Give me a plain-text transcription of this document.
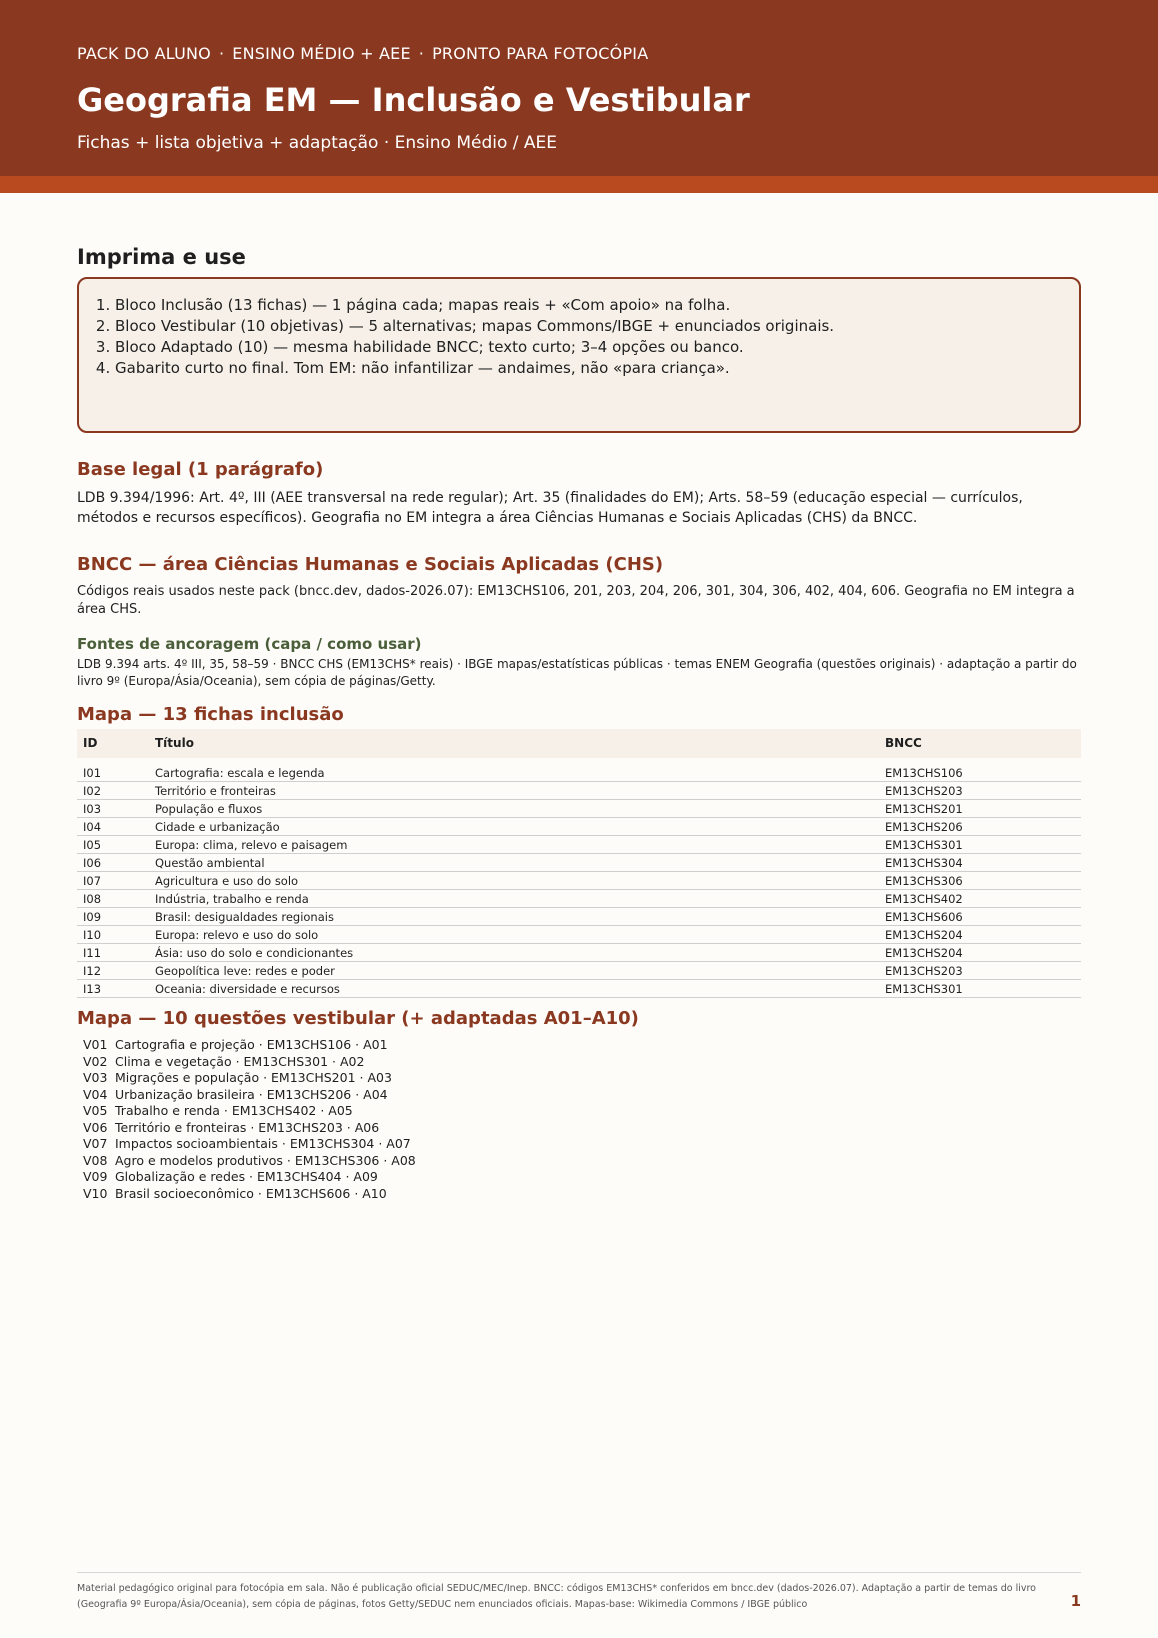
PACK DO ALUNO · ENSINO MÉDIO + AEE · PRONTO PARA FOTOCÓPIA

Geografia EM — Inclusão e Vestibular

Fichas + lista objetiva + adaptação · Ensino Médio / AEE

Imprima e use
1. Bloco Inclusão (13 fichas) — 1 página cada; mapas reais + «Com apoio» na folha.
2. Bloco Vestibular (10 objetivas) — 5 alternativas; mapas Commons/IBGE + enunciados originais.
3. Bloco Adaptado (10) — mesma habilidade BNCC; texto curto; 3–4 opções ou banco.
4. Gabarito curto no final. Tom EM: não infantilizar — andaimes, não «para criança».
Base legal (1 parágrafo)

LDB 9.394/1996: Art. 4º, III (AEE transversal na rede regular); Art. 35 (finalidades do EM); Arts. 58–59 (educação especial — currículos, métodos e recursos específicos). Geografia no EM integra a área Ciências Humanas e Sociais Aplicadas (CHS) da BNCC.

BNCC — área Ciências Humanas e Sociais Aplicadas (CHS)

Códigos reais usados neste pack (bncc.dev, dados-2026.07): EM13CHS106, 201, 203, 204, 206, 301, 304, 306, 402, 404, 606. Geografia no EM integra a área CHS.

Fontes de ancoragem (capa / como usar)

LDB 9.394 arts. 4º III, 35, 58–59 · BNCC CHS (EM13CHS* reais) · IBGE mapas/estatísticas públicas · temas ENEM Geografia (questões originais) · adaptação a partir do livro 9º (Europa/Ásia/Oceania), sem cópia de páginas/Getty.

Mapa — 13 fichas inclusão
ID	Título	BNCC

I01	Cartografia: escala e legenda	EM13CHS106
I02	Território e fronteiras	EM13CHS203
I03	População e fluxos	EM13CHS201
I04	Cidade e urbanização	EM13CHS206
I05	Europa: clima, relevo e paisagem	EM13CHS301
I06	Questão ambiental	EM13CHS304
I07	Agricultura e uso do solo	EM13CHS306
I08	Indústria, trabalho e renda	EM13CHS402
I09	Brasil: desigualdades regionais	EM13CHS606
I10	Europa: relevo e uso do solo	EM13CHS204
I11	Ásia: uso do solo e condicionantes	EM13CHS204
I12	Geopolítica leve: redes e poder	EM13CHS203
I13	Oceania: diversidade e recursos	EM13CHS301
Mapa — 10 questões vestibular (+ adaptadas A01–A10)
V01 Cartografia e projeção · EM13CHS106 · A01
V02 Clima e vegetação · EM13CHS301 · A02
V03 Migrações e população · EM13CHS201 · A03
V04 Urbanização brasileira · EM13CHS206 · A04
V05 Trabalho e renda · EM13CHS402 · A05
V06 Território e fronteiras · EM13CHS203 · A06
V07 Impactos socioambientais · EM13CHS304 · A07
V08 Agro e modelos produtivos · EM13CHS306 · A08
V09 Globalização e redes · EM13CHS404 · A09
V10 Brasil socioeconômico · EM13CHS606 · A10
Material pedagógico original para fotocópia em sala. Não é publicação oficial SEDUC/MEC/Inep. BNCC: códigos EM13CHS* conferidos em bncc.dev (dados-2026.07). Adaptação a partir de temas do livro (Geografia 9º Europa/Ásia/Oceania), sem cópia de páginas, fotos Getty/SEDUC nem enunciados oficiais. Mapas-base: Wikimedia Commons / IBGE público	1
